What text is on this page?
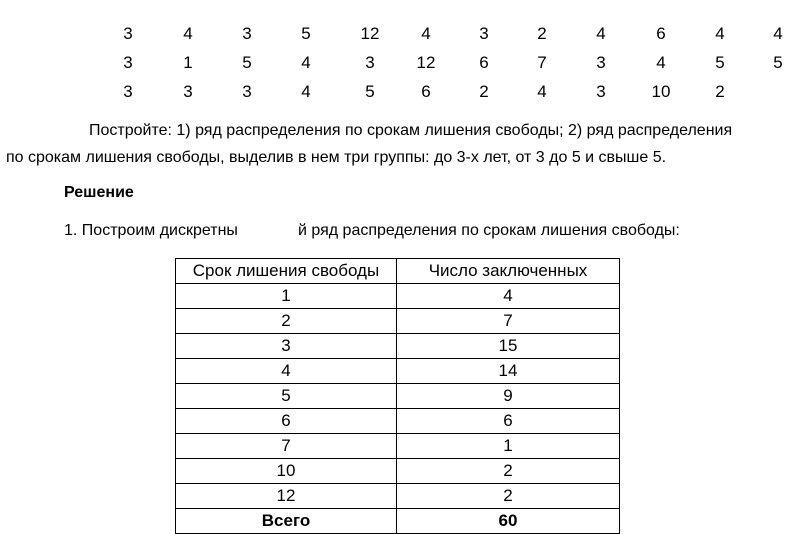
3	4	3	5	12	4	3	2	4	6	4	4
3	1	5	4	3	12	6	7	3	4	5	5
3	3	3	4	5	6	2	4	3	10	2
Постройте: 1) ряд распределения по срокам лишения свободы; 2) ряд распределения
по срокам лишения свободы, выделив в нем три группы: до 3-х лет, от 3 до 5 и свыше 5.
Решение
1. Построим дискретны	й ряд распределения по срокам лишения свободы:
Срок лишения свободы	Число заключенных
1	4
2	7
3	15
4	14
5	9
6	6
7	1
10	2
12	2
Всего	60
